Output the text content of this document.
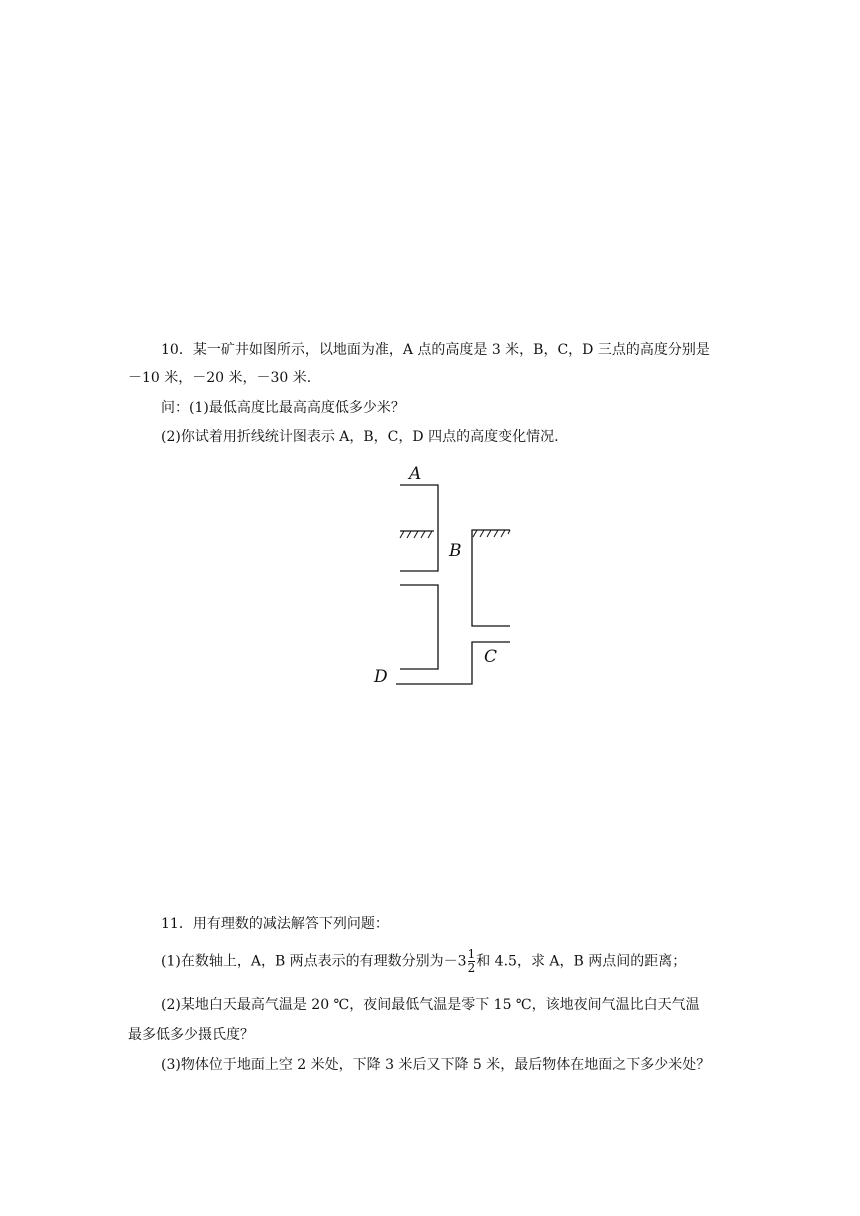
10．某一矿井如图所示，以地面为准，A 点的高度是 3 米，B，C，D 三点的高度分别是
－10 米，－20 米，－30 米.
问：(1)最低高度比最高高度低多少米？
(2)你试着用折线统计图表示 A，B，C，D 四点的高度变化情况.
A
B
C
D
11．用有理数的减法解答下列问题：
(1)在数轴上，A，B 两点表示的有理数分别为$-3 \frac{1}{2}$ 和 4.5，求 A，B 两点间的距离；
(2)某地白天最高气温是 20 ℃，夜间最低气温是零下 15 ℃，该地夜间气温比白天气温
最多低多少摄氏度？
(3)物体位于地面上空 2 米处，下降 3 米后又下降 5 米，最后物体在地面之下多少米处？
